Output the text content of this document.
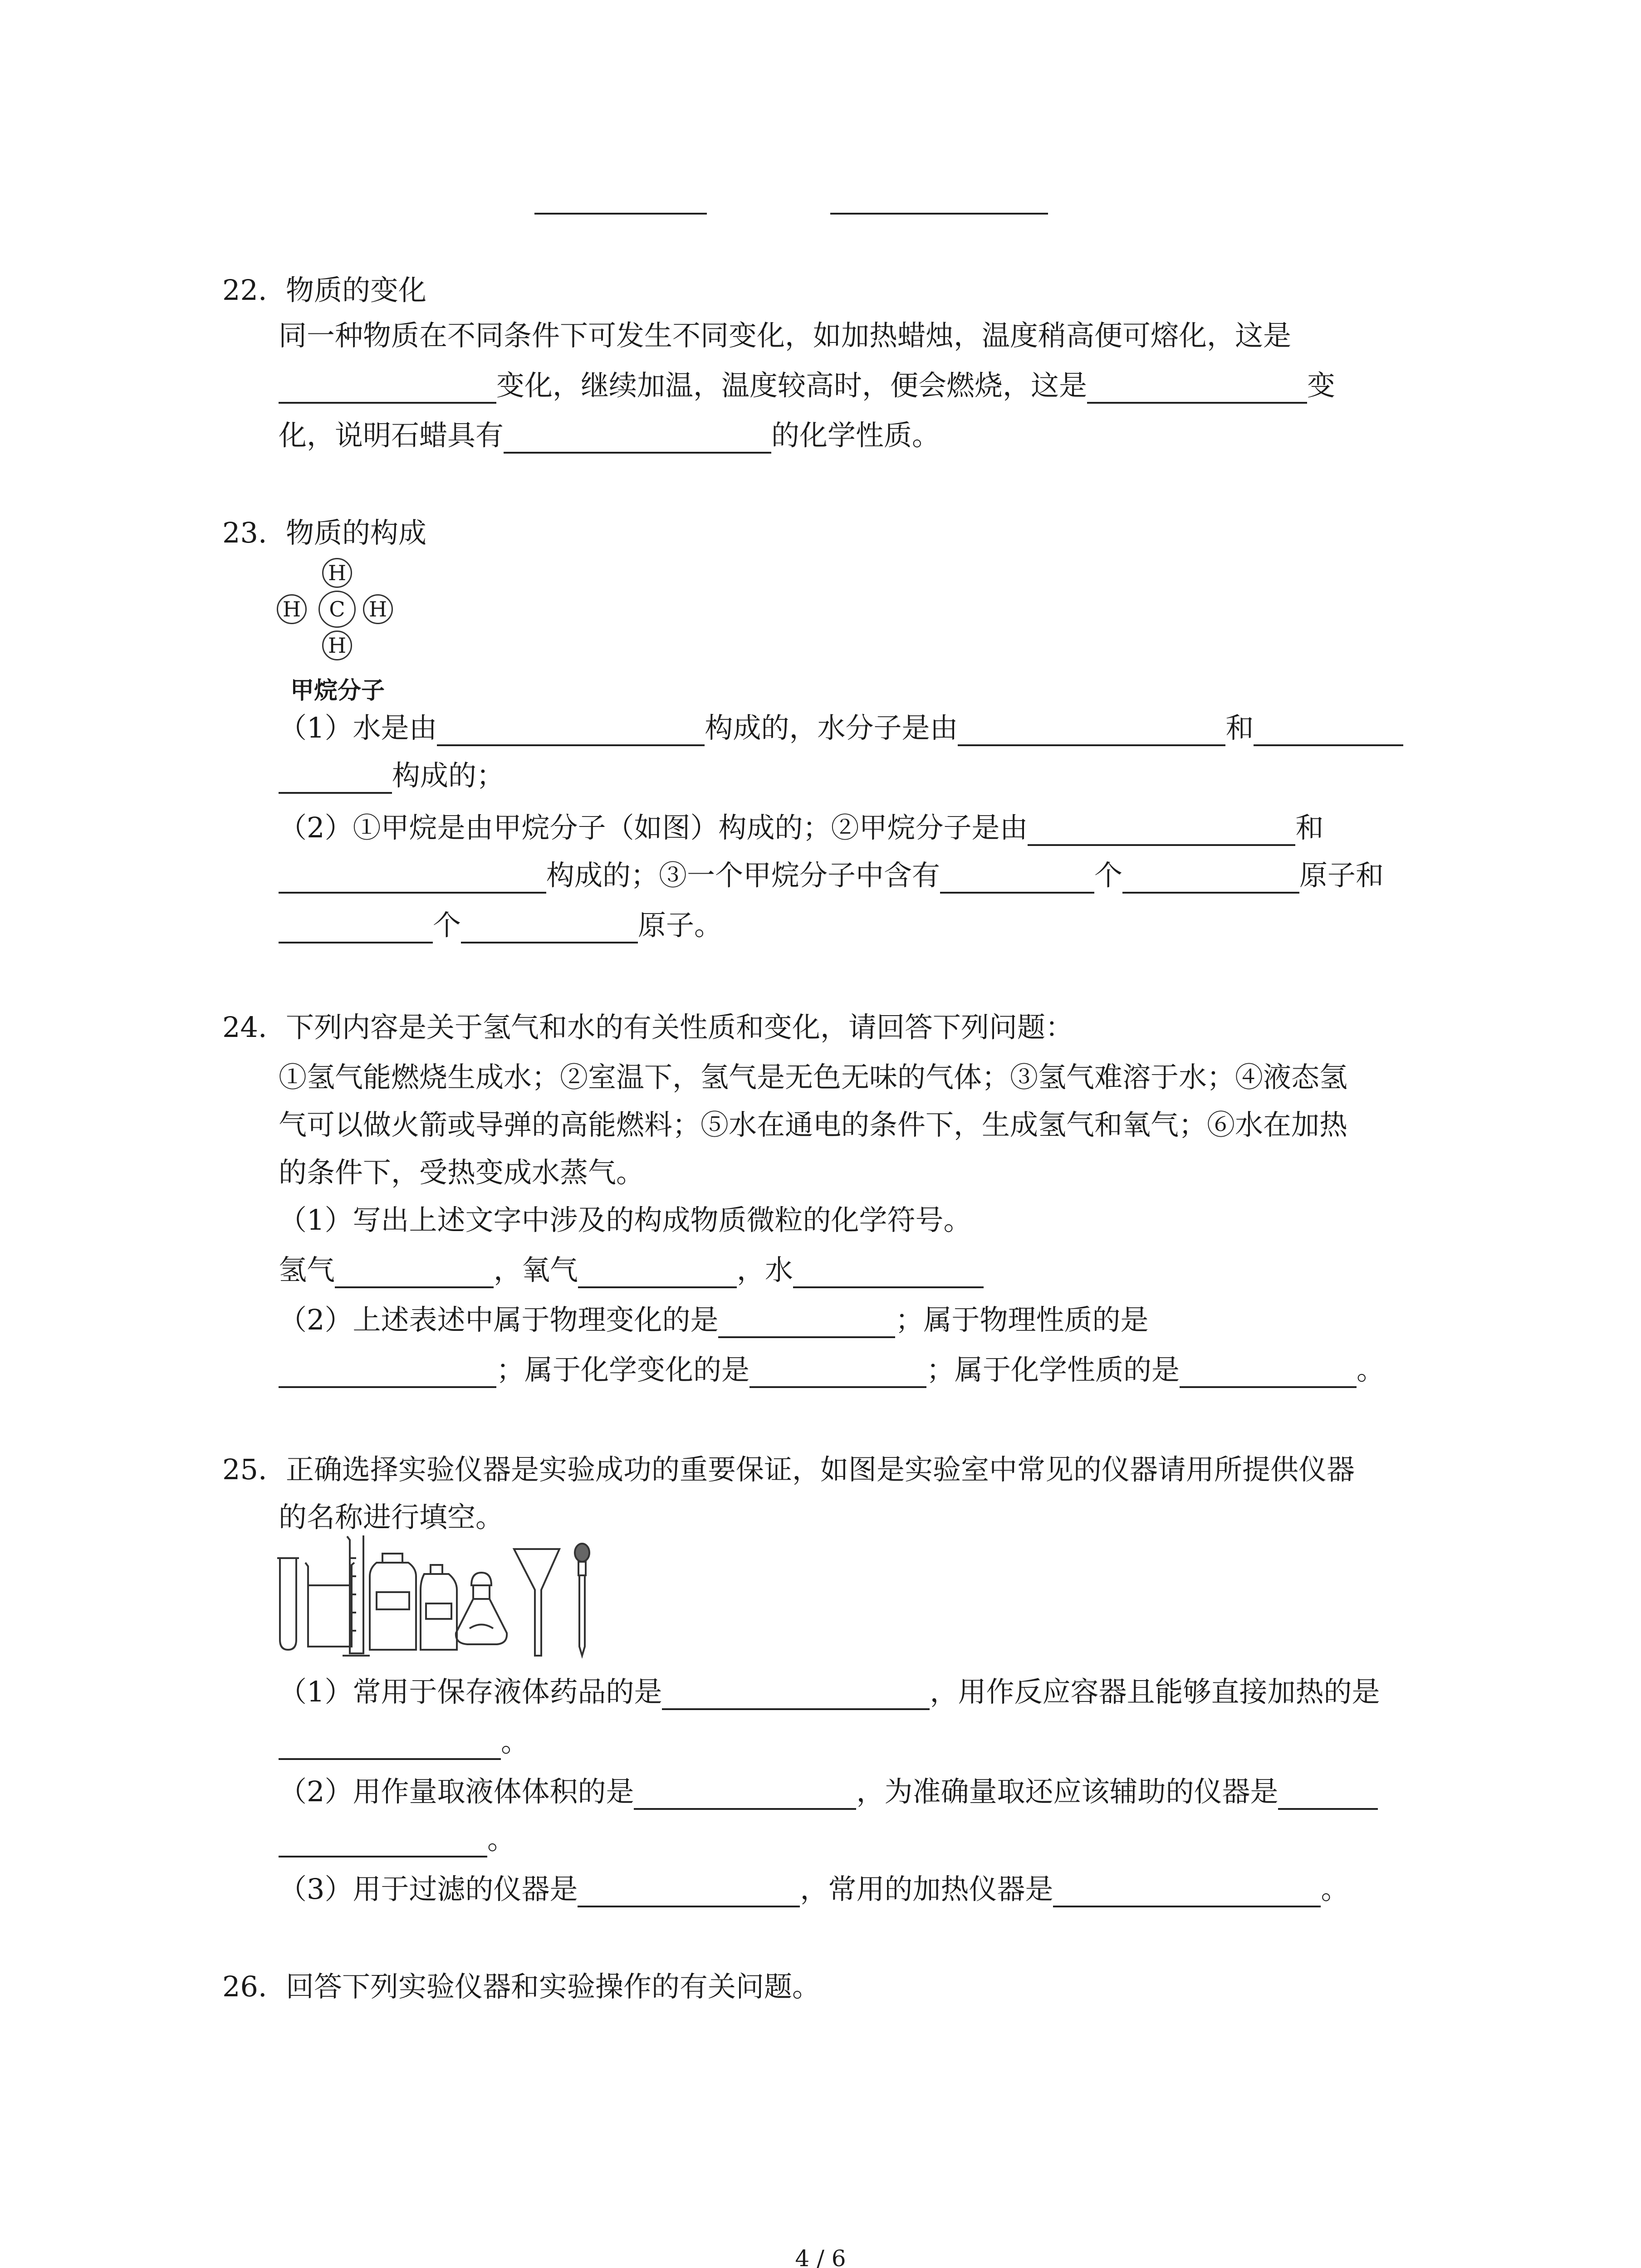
22. 物质的变化
同一种物质在不同条件下可发生不同变化，如加热蜡烛，温度稍高便可熔化，这是
变化，继续加温，温度较高时，便会燃烧，这是	变
化，说明石蜡具有	的化学性质。
23. 物质的构成
H
H	C	H
H
甲烷分子
（1）水是由	构成的，水分子是由	和
构成的；
（2）①甲烷是由甲烷分子（如图）构成的；②甲烷分子是由	和
构成的；③一个甲烷分子中含有	个	原子和
个	原子。
24. 下列内容是关于氢气和水的有关性质和变化，请回答下列问题：
①氢气能燃烧生成水；②室温下，氢气是无色无味的气体；③氢气难溶于水；④液态氢
气可以做火箭或导弹的高能燃料；⑤水在通电的条件下，生成氢气和氧气；⑥水在加热
的条件下，受热变成水蒸气。
（1）写出上述文字中涉及的构成物质微粒的化学符号。
氢气	，氧气	，水
（2）上述表述中属于物理变化的是	；属于物理性质的是
；属于化学变化的是	；属于化学性质的是	。
25. 正确选择实验仪器是实验成功的重要保证，如图是实验室中常见的仪器请用所提供仪器
的名称进行填空。
（1）常用于保存液体药品的是	，用作反应容器且能够直接加热的是
。
（2）用作量取液体体积的是	，为准确量取还应该辅助的仪器是
。
（3）用于过滤的仪器是	，常用的加热仪器是	。
26. 回答下列实验仪器和实验操作的有关问题。
4 / 6
